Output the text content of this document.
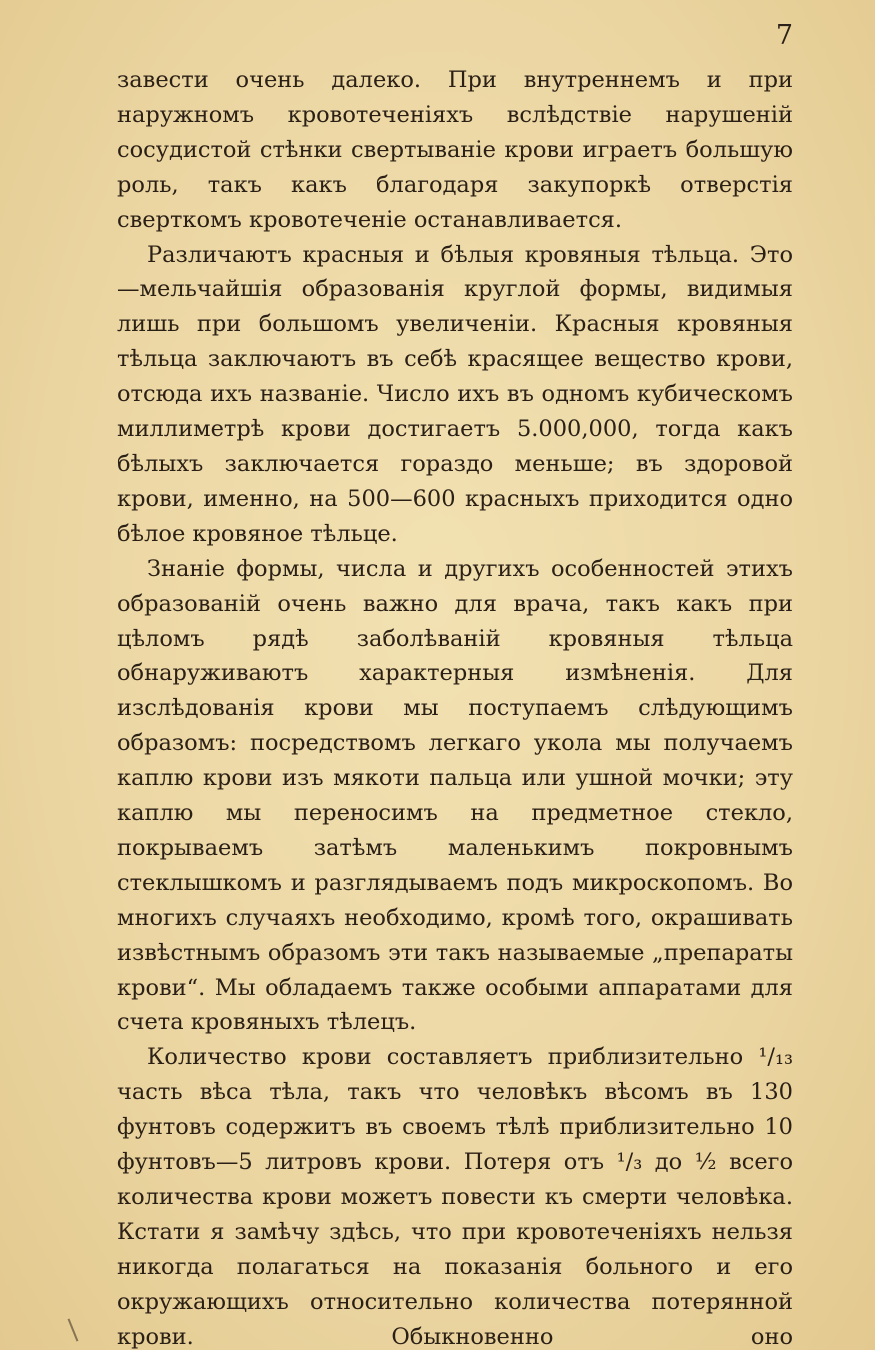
7

завести очень далеко. При внутреннемъ и при наружномъ кровотеченіяхъ вслѣдствіе нарушеній сосудистой стѣнки свертываніе крови играетъ большую роль, такъ какъ благодаря закупоркѣ отверстія сверткомъ кровотеченіе останавливается.

Различаютъ красныя и бѣлыя кровяныя тѣльца. Это—мельчайшія образованія круглой формы, видимыя лишь при большомъ увеличеніи. Красныя кровяныя тѣльца заключаютъ въ себѣ красящее вещество крови, отсюда ихъ названіе. Число ихъ въ одномъ кубическомъ миллиметрѣ крови достигаетъ 5.000,000, тогда какъ бѣлыхъ заключается гораздо меньше; въ здоровой крови, именно, на 500—600 красныхъ приходится одно бѣлое кровяное тѣльце.

Знаніе формы, числа и другихъ особенностей этихъ образованій очень важно для врача, такъ какъ при цѣломъ рядѣ заболѣваній кровяныя тѣльца обнаруживаютъ характерныя измѣненія. Для изслѣдованія крови мы поступаемъ слѣдующимъ образомъ: посредствомъ легкаго укола мы получаемъ каплю крови изъ мякоти пальца или ушной мочки; эту каплю мы переносимъ на предметное стекло, покрываемъ затѣмъ маленькимъ покровнымъ стеклышкомъ и разглядываемъ подъ микроскопомъ. Во многихъ случаяхъ необходимо, кромѣ того, окрашивать извѣстнымъ образомъ эти такъ называемые „препараты крови“. Мы обладаемъ также особыми аппаратами для счета кровяныхъ тѣлецъ.

Количество крови составляетъ приблизительно ¹/₁₃ часть вѣса тѣла, такъ что человѣкъ вѣсомъ въ 130 фунтовъ содержитъ въ своемъ тѣлѣ приблизительно 10 фунтовъ—5 литровъ крови. Потеря отъ ¹/₃ до ½ всего количества крови можетъ повести къ смерти человѣка. Кстати я замѣчу здѣсь, что при кровотеченіяхъ нельзя никогда полагаться на показанія больного и его окружающихъ относительно количества потерянной крови. Обыкновенно оно
